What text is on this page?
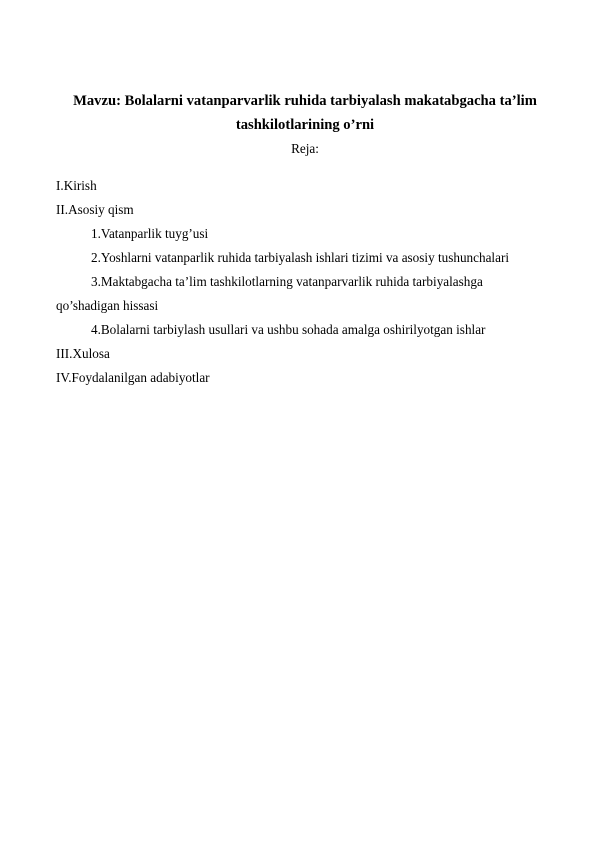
Mavzu: Bolalarni vatanparvarlik ruhida tarbiyalash makatabgacha ta’lim
tashkilotlarining o’rni
Reja:
I.Kirish
II.Asosiy qism
1.Vatanparlik tuyg’usi
2.Yoshlarni vatanparlik ruhida tarbiyalash ishlari tizimi va asosiy tushunchalari
3.Maktabgacha ta’lim tashkilotlarning vatanparvarlik ruhida tarbiyalashga
qo’shadigan hissasi
4.Bolalarni tarbiylash usullari va ushbu sohada amalga oshirilyotgan ishlar
III.Xulosa
IV.Foydalanilgan adabiyotlar
